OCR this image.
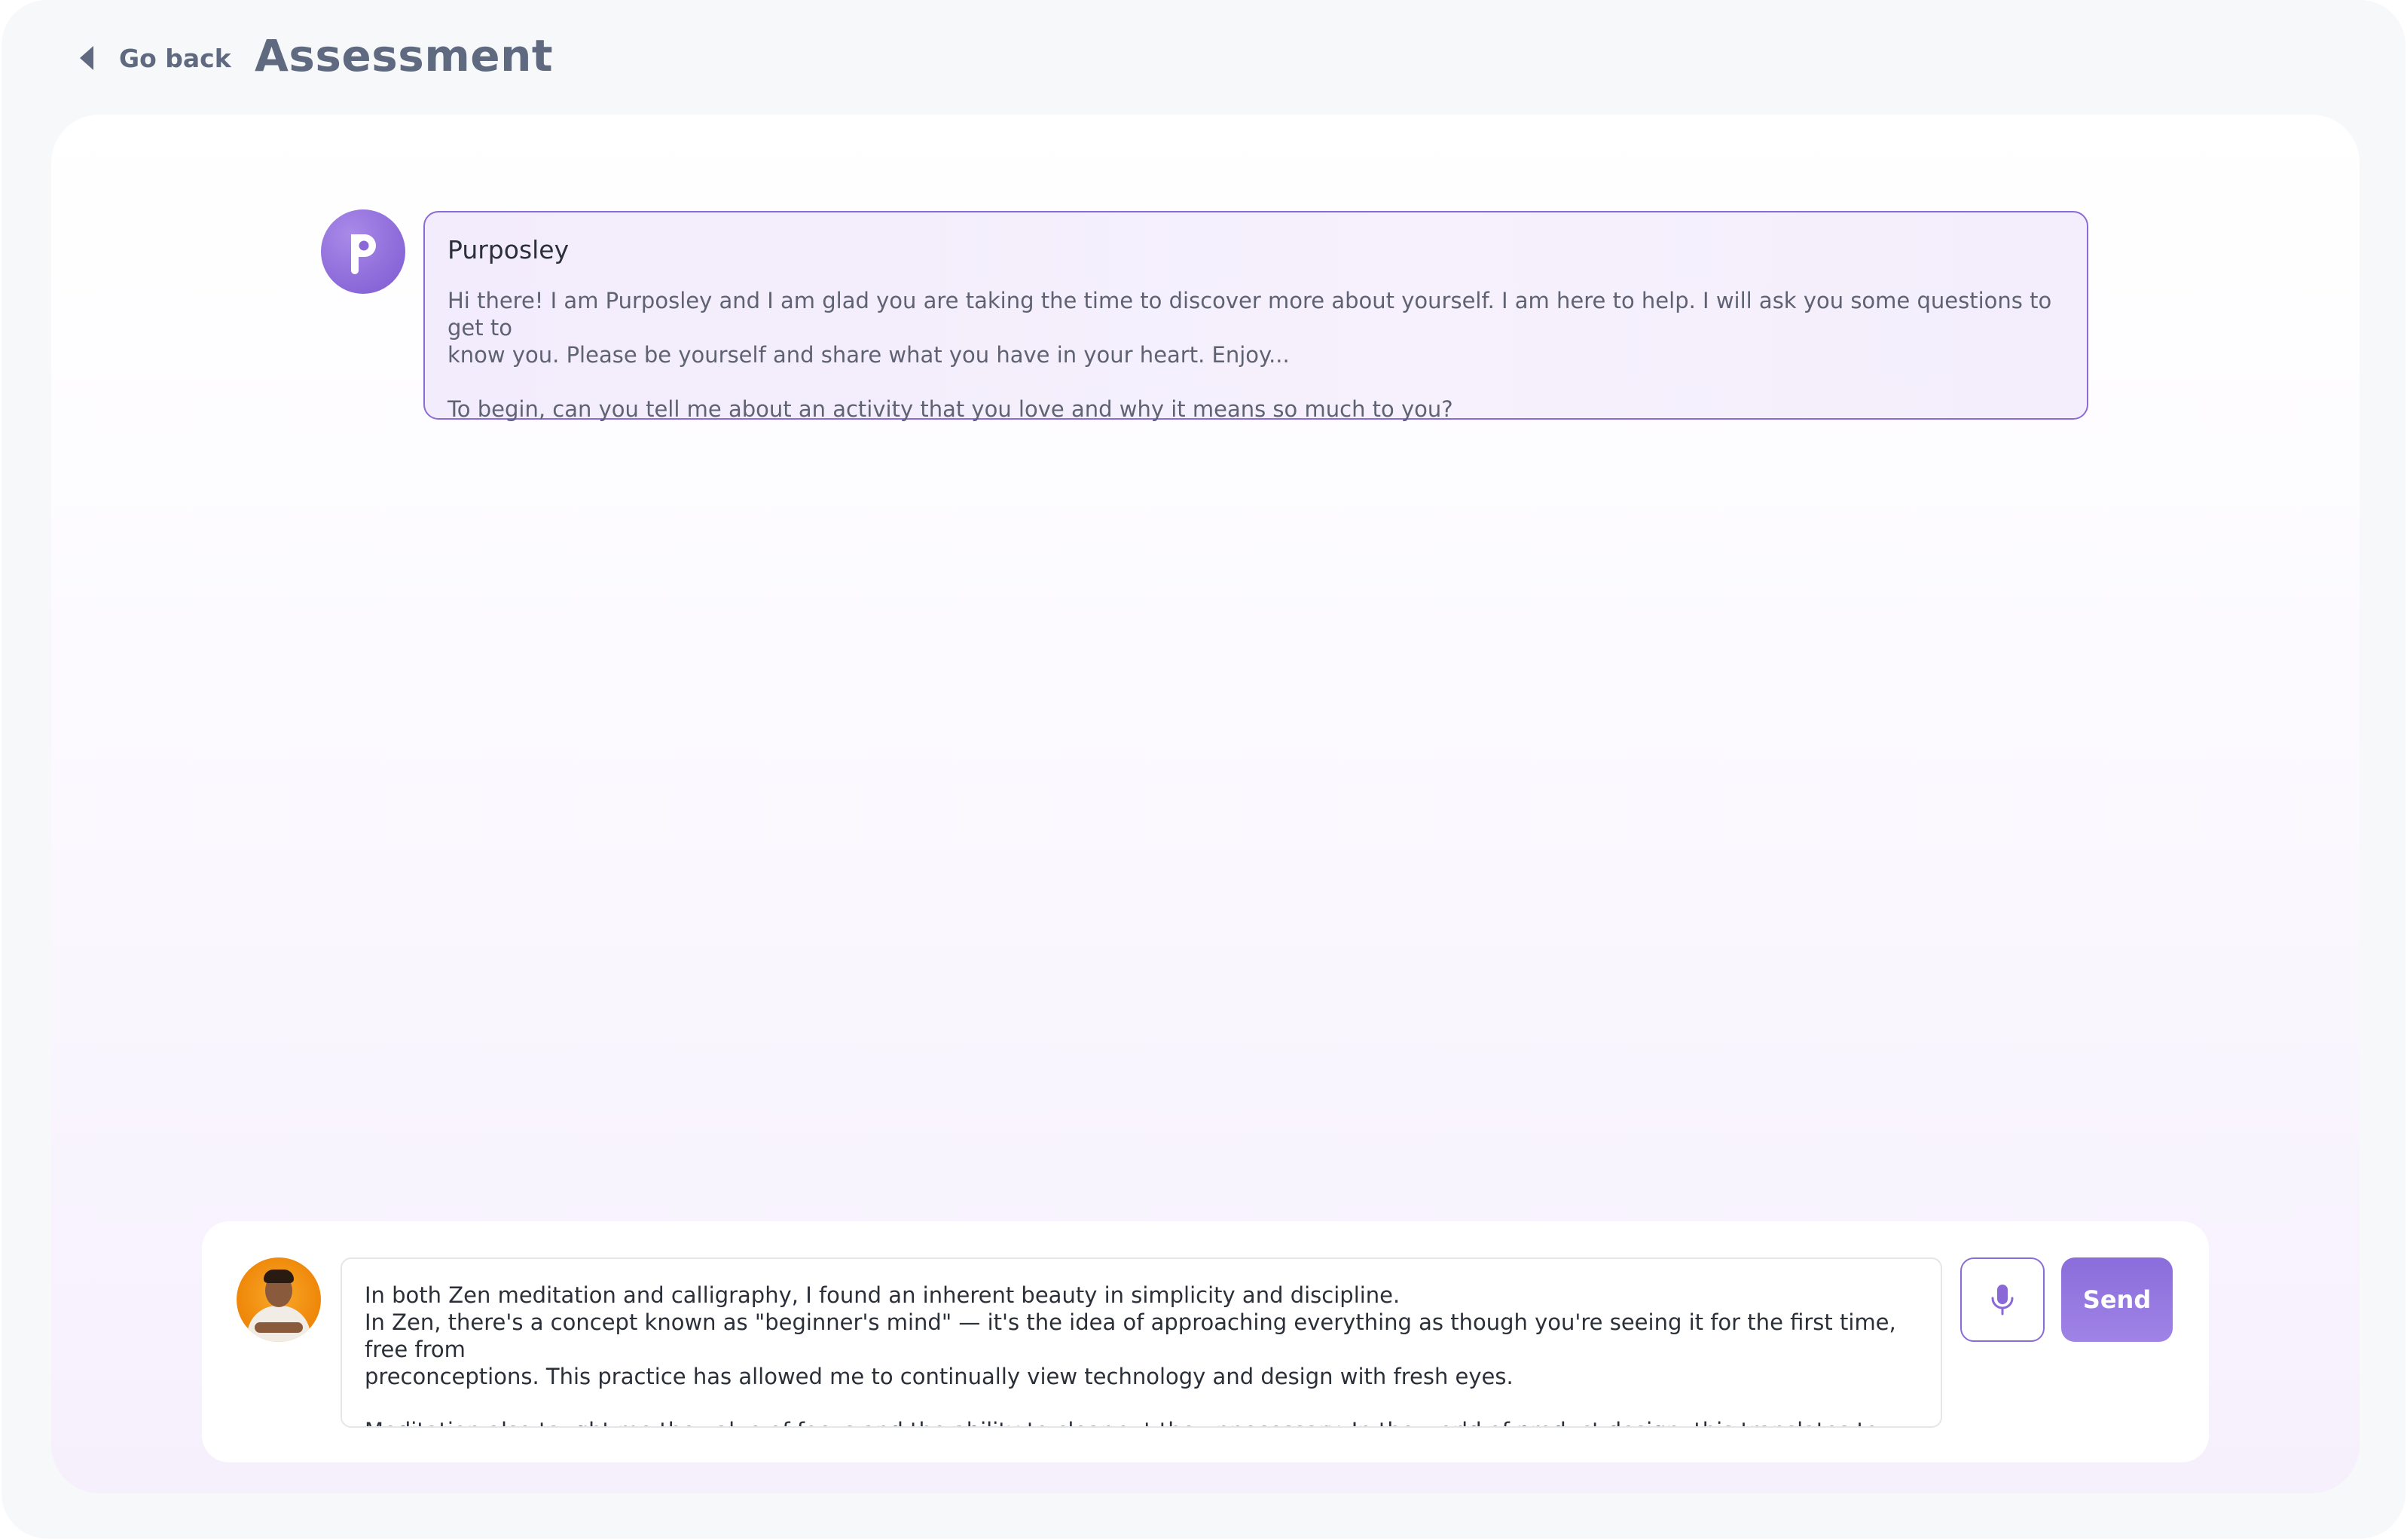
Go back Assessment
Purposley
Hi there! I am Purposley and I am glad you are taking the time to discover more about yourself. I am here to help. I will ask you some questions to get to
know you. Please be yourself and share what you have in your heart. Enjoy...

To begin, can you tell me about an activity that you love and why it means so much to you?
In both Zen meditation and calligraphy, I found an inherent beauty in simplicity and discipline. In Zen, there's a concept known as "beginner's mind" — it's the idea of approaching everything as though you're seeing it for the first time, free from preconceptions. This practice has allowed me to continually view technology and design with fresh eyes. Meditation also taught me the value of focus and the ability to clear out the unnecessary. In the world of product design, this translates to creating
Send
